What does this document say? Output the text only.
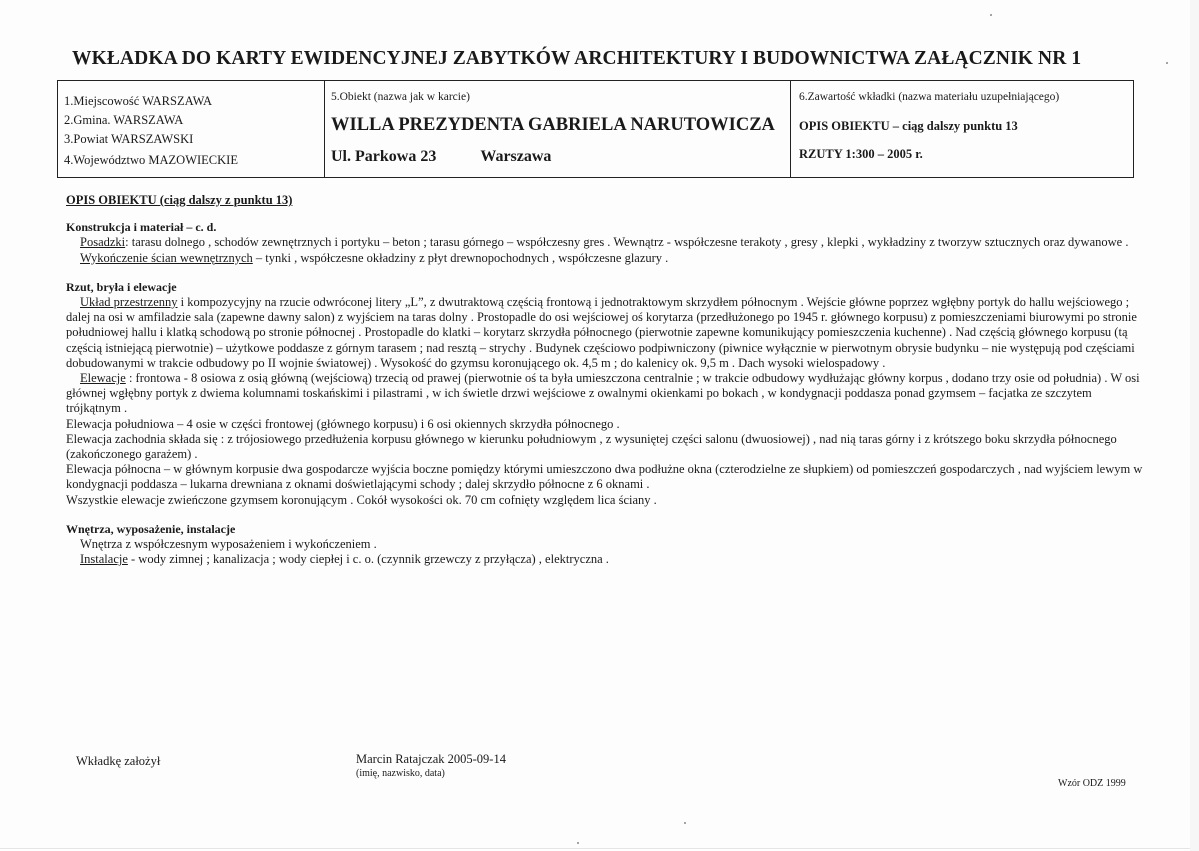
WKŁADKA DO KARTY EWIDENCYJNEJ ZABYTKÓW ARCHITEKTURY I BUDOWNICTWA ZAŁĄCZNIK NR 1
1.Miejscowość WARSZAWA
2.Gmina. WARSZAWA
3.Powiat WARSZAWSKI
4.Województwo MAZOWIECKIE
5.Obiekt (nazwa jak w karcie)
WILLA PREZYDENTA GABRIELA NARUTOWICZA
Ul. Parkowa 23	Warszawa
6.Zawartość wkładki (nazwa materiału uzupełniającego)
OPIS OBIEKTU – ciąg dalszy punktu 13
RZUTY 1:300 – 2005 r.
OPIS OBIEKTU (ciąg dalszy z punktu 13)
Konstrukcja i materiał – c. d.

Posadzki: tarasu dolnego , schodów zewnętrznych i portyku – beton ; tarasu górnego – współczesny gres . Wewnątrz - współczesne terakoty , gresy , klepki , wykładziny z tworzyw sztucznych oraz dywanowe .

Wykończenie ścian wewnętrznych – tynki , współczesne okładziny z płyt drewnopochodnych , współczesne glazury .

Rzut, bryła i elewacje

Układ przestrzenny i kompozycyjny na rzucie odwróconej litery „L”, z dwutraktową częścią frontową i jednotraktowym skrzydłem północnym . Wejście główne poprzez wgłębny portyk do hallu wejściowego ; dalej na osi w amfiladzie sala (zapewne dawny salon) z wyjściem na taras dolny . Prostopadle do osi wejściowej oś korytarza (przedłużonego po 1945 r. głównego korpusu) z pomieszczeniami biurowymi po stronie południowej hallu i klatką schodową po stronie północnej . Prostopadle do klatki – korytarz skrzydła północnego (pierwotnie zapewne komunikujący pomieszczenia kuchenne) . Nad częścią głównego korpusu (tą częścią istniejącą pierwotnie) – użytkowe poddasze z górnym tarasem ; nad resztą – strychy . Budynek częściowo podpiwniczony (piwnice wyłącznie w pierwotnym obrysie budynku – nie występują pod częściami dobudowanymi w trakcie odbudowy po II wojnie światowej) . Wysokość do gzymsu koronującego ok. 4,5 m ; do kalenicy ok. 9,5 m . Dach wysoki wielospadowy .

Elewacje : frontowa - 8 osiowa z osią główną (wejściową) trzecią od prawej (pierwotnie oś ta była umieszczona centralnie ; w trakcie odbudowy wydłużając główny korpus , dodano trzy osie od południa) . W osi głównej wgłębny portyk z dwiema kolumnami toskańskimi i pilastrami , w ich świetle drzwi wejściowe z owalnymi okienkami po bokach , w kondygnacji poddasza ponad gzymsem – facjatka ze szczytem trójkątnym .

Elewacja południowa – 4 osie w części frontowej (głównego korpusu) i 6 osi okiennych skrzydła północnego .

Elewacja zachodnia składa się : z trójosiowego przedłużenia korpusu głównego w kierunku południowym , z wysuniętej części salonu (dwuosiowej) , nad nią taras górny i z krótszego boku skrzydła północnego (zakończonego garażem) .

Elewacja północna – w głównym korpusie dwa gospodarcze wyjścia boczne pomiędzy którymi umieszczono dwa podłużne okna (czterodzielne ze słupkiem) od pomieszczeń gospodarczych , nad wyjściem lewym w kondygnacji poddasza – lukarna drewniana z oknami doświetlającymi schody ; dalej skrzydło północne z 6 oknami .

Wszystkie elewacje zwieńczone gzymsem koronującym . Cokół wysokości ok. 70 cm cofnięty względem lica ściany .

Wnętrza, wyposażenie, instalacje

Wnętrza z współczesnym wyposażeniem i wykończeniem .

Instalacje - wody zimnej ; kanalizacja ; wody ciepłej i c. o. (czynnik grzewczy z przyłącza) , elektryczna .

Wkładkę założył	Marcin Ratajczak 2005-09-14
(imię, nazwisko, data)
Wzór ODZ 1999
